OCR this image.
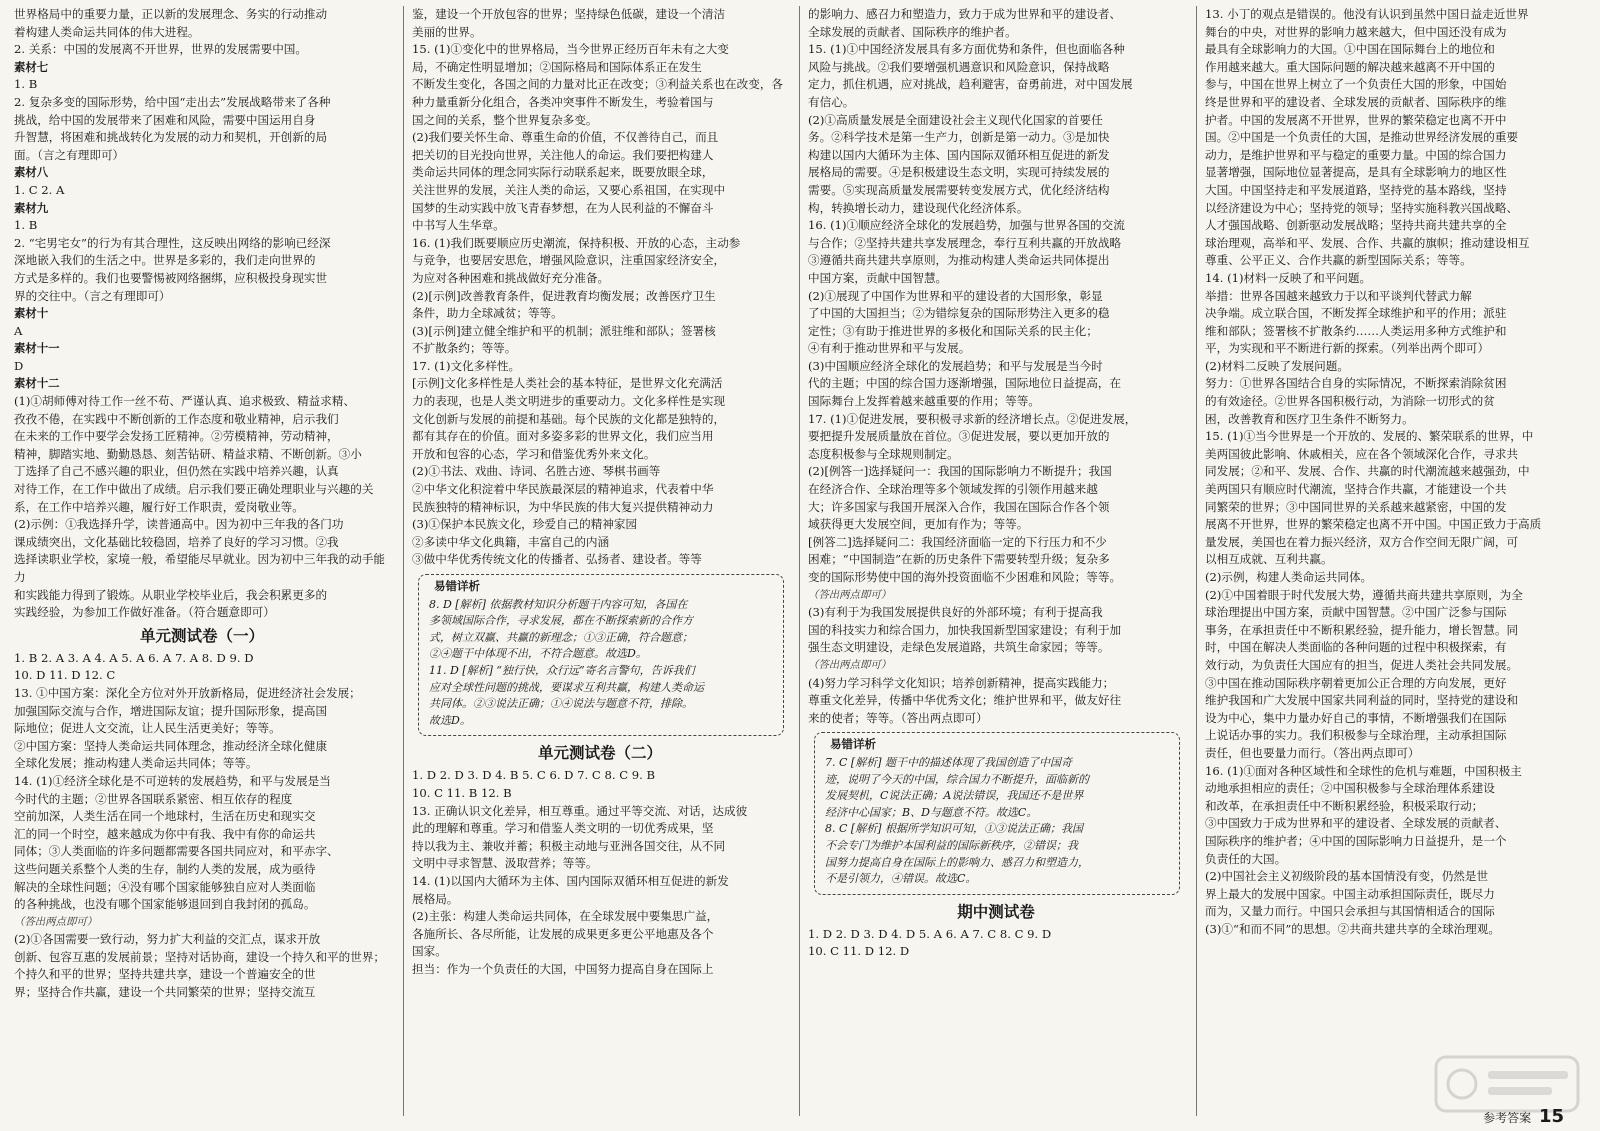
世界格局中的重要力量，正以新的发展理念、务实的行动推动
着构建人类命运共同体的伟大进程。
2. 关系：中国的发展离不开世界，世界的发展需要中国。
素材七
1. B
2. 复杂多变的国际形势，给中国“走出去”发展战略带来了各种
挑战，给中国的发展带来了困难和风险，需要中国运用自身
升智慧，将困难和挑战转化为发展的动力和契机，开创新的局
面。（言之有理即可）
素材八
1. C 2. A
素材九
1. B
2. “宅男宅女”的行为有其合理性，这反映出网络的影响已经深
深地嵌入我们的生活之中。世界是多彩的，我们走向世界的
方式是多样的。我们也要警惕被网络捆绑，应积极投身现实世
界的交往中。（言之有理即可）
素材十
A
素材十一
D
素材十二
(1)①胡师傅对待工作一丝不苟、严谨认真、追求极致、精益求精、
孜孜不倦，在实践中不断创新的工作态度和敬业精神，启示我们
在未来的工作中要学会发扬工匠精神。②劳模精神，劳动精神，
精神，脚踏实地、勤勤恳恳、刻苦钻研、精益求精、不断创新。③小
丁选择了自己不感兴趣的职业，但仍然在实践中培养兴趣，认真
对待工作，在工作中做出了成绩。启示我们要正确处理职业与兴趣的关
系，在工作中培养兴趣，履行好工作职责，爱岗敬业等。
(2)示例：①我选择升学，读普通高中。因为初中三年我的各门功
课成绩突出，文化基础比较稳固，培养了良好的学习习惯。②我
选择读职业学校，家境一般，希望能尽早就业。因为初中三年我的动手能力
和实践能力得到了锻炼。从职业学校毕业后，我会积累更多的
实践经验，为参加工作做好准备。（符合题意即可）
单元测试卷（一）
1. B 2. A 3. A 4. A 5. A 6. A 7. A 8. D 9. D
10. D 11. D 12. C
13. ①中国方案：深化全方位对外开放新格局，促进经济社会发展；
加强国际交流与合作，增进国际友谊；提升国际形象，提高国
际地位；促进人文交流，让人民生活更美好；等等。
②中国方案：坚持人类命运共同体理念，推动经济全球化健康
全球化发展；推动构建人类命运共同体；等等。
14. (1)①经济全球化是不可逆转的发展趋势，和平与发展是当
今时代的主题；②世界各国联系紧密、相互依存的程度
空前加深，人类生活在同一个地球村，生活在历史和现实交
汇的同一个时空，越来越成为你中有我、我中有你的命运共
同体；③人类面临的许多问题都需要各国共同应对，和平赤字、
这些问题关系整个人类的生存，制约人类的发展，成为亟待
解决的全球性问题；④没有哪个国家能够独自应对人类面临
的各种挑战，也没有哪个国家能够退回到自我封闭的孤岛。
（答出两点即可）
(2)①各国需要一致行动，努力扩大利益的交汇点，谋求开放
创新、包容互惠的发展前景；坚持对话协商，建设一个持久和平的世界；
个持久和平的世界；坚持共建共享，建设一个普遍安全的世
界；坚持合作共赢，建设一个共同繁荣的世界；坚持交流互
鉴，建设一个开放包容的世界；坚持绿色低碳，建设一个清洁
美丽的世界。
15. (1)①变化中的世界格局，当今世界正经历百年未有之大变
局，不确定性明显增加；②国际格局和国际体系正在发生
不断发生变化，各国之间的力量对比正在改变；③利益关系也在改变，各
种力量重新分化组合，各类冲突事件不断发生，考验着国与
国之间的关系，整个世界复杂多变。
(2)我们要关怀生命、尊重生命的价值，不仅善待自己，而且
把关切的目光投向世界，关注他人的命运。我们要把构建人
类命运共同体的理念同实际行动联系起来，既要放眼全球，
关注世界的发展，关注人类的命运，又要心系祖国，在实现中
国梦的生动实践中放飞青春梦想，在为人民利益的不懈奋斗
中书写人生华章。
16. (1)我们既要顺应历史潮流，保持积极、开放的心态，主动参
与竞争，也要居安思危，增强风险意识，注重国家经济安全，
为应对各种困难和挑战做好充分准备。
(2)[示例]改善教育条件，促进教育均衡发展；改善医疗卫生
条件，助力全球减贫；等等。
(3)[示例]建立健全维护和平的机制；派驻维和部队；签署核
不扩散条约；等等。
17. (1)文化多样性。
[示例]文化多样性是人类社会的基本特征，是世界文化充满活
力的表现，也是人类文明进步的重要动力。文化多样性是实现
文化创新与发展的前提和基础。每个民族的文化都是独特的，
都有其存在的价值。面对多姿多彩的世界文化，我们应当用
开放和包容的心态，学习和借鉴优秀外来文化。
(2)①书法、戏曲、诗词、名胜古迹、琴棋书画等
②中华文化积淀着中华民族最深层的精神追求，代表着中华
民族独特的精神标识，为中华民族的伟大复兴提供精神动力
(3)①保护本民族文化，珍爱自己的精神家园
②多读中华文化典籍，丰富自己的内涵
③做中华优秀传统文化的传播者、弘扬者、建设者。等等
易错详析
8. D [解析] 依据教材知识分析题干内容可知，各国在
多领域国际合作，寻求发展，都在不断探索新的合作方
式，树立双赢、共赢的新理念；①③正确，符合题意；
②④题干中体现不出，不符合题意。故选D。
11. D [解析] “独行快，众行远”寄名言警句，告诉我们
应对全球性问题的挑战，要谋求互利共赢，构建人类命运
共同体。②③说法正确；①④说法与题意不符，排除。
故选D。
单元测试卷（二）
1. D 2. D 3. D 4. B 5. C 6. D 7. C 8. C 9. B
10. C 11. B 12. B
13. 正确认识文化差异，相互尊重。通过平等交流、对话，达成彼
此的理解和尊重。学习和借鉴人类文明的一切优秀成果，坚
持以我为主、兼收并蓄；积极主动地与亚洲各国交往，从不同
文明中寻求智慧、汲取营养；等等。
14. (1)以国内大循环为主体、国内国际双循环相互促进的新发
展格局。
(2)主张：构建人类命运共同体，在全球发展中要集思广益，
各施所长、各尽所能，让发展的成果更多更公平地惠及各个
国家。
担当：作为一个负责任的大国，中国努力提高自身在国际上
的影响力、感召力和塑造力，致力于成为世界和平的建设者、
全球发展的贡献者、国际秩序的维护者。
15. (1)①中国经济发展具有多方面优势和条件，但也面临各种
风险与挑战。②我们要增强机遇意识和风险意识，保持战略
定力，抓住机遇，应对挑战，趋利避害，奋勇前进，对中国发展
有信心。
(2)①高质量发展是全面建设社会主义现代化国家的首要任
务。②科学技术是第一生产力，创新是第一动力。③是加快
构建以国内大循环为主体、国内国际双循环相互促进的新发
展格局的需要。④是积极建设生态文明，实现可持续发展的
需要。⑤实现高质量发展需要转变发展方式，优化经济结构
构，转换增长动力，建设现代化经济体系。
16. (1)①顺应经济全球化的发展趋势，加强与世界各国的交流
与合作；②坚持共建共享发展理念，奉行互利共赢的开放战略
③遵循共商共建共享原则，为推动构建人类命运共同体提出
中国方案，贡献中国智慧。
(2)①展现了中国作为世界和平的建设者的大国形象，彰显
了中国的大国担当；②为错综复杂的国际形势注入更多的稳
定性；③有助于推进世界的多极化和国际关系的民主化；
④有利于推动世界和平与发展。
(3)中国顺应经济全球化的发展趋势；和平与发展是当今时
代的主题；中国的综合国力逐渐增强，国际地位日益提高，在
国际舞台上发挥着越来越重要的作用；等等。
17. (1)①促进发展，要积极寻求新的经济增长点。②促进发展，
要把提升发展质量放在首位。③促进发展，要以更加开放的
态度积极参与全球规则制定。
(2)[例答一]选择疑问一：我国的国际影响力不断提升；我国
在经济合作、全球治理等多个领域发挥的引领作用越来越
大；许多国家与我国开展深入合作，我国在国际合作各个领
域获得更大发展空间，更加有作为；等等。
[例答二]选择疑问二：我国经济面临一定的下行压力和不少
困难；“中国制造”在新的历史条件下需要转型升级；复杂多
变的国际形势使中国的海外投资面临不少困难和风险；等等。
（答出两点即可）
(3)有利于为我国发展提供良好的外部环境；有利于提高我
国的科技实力和综合国力，加快我国新型国家建设；有利于加
强生态文明建设，走绿色发展道路，共筑生命家园；等等。
（答出两点即可）
(4)努力学习科学文化知识；培养创新精神，提高实践能力；
尊重文化差异，传播中华优秀文化；维护世界和平，做友好往
来的使者；等等。（答出两点即可）
易错详析
7. C [解析] 题干中的描述体现了我国创造了中国奇
迹，说明了今天的中国，综合国力不断提升，面临新的
发展契机，C说法正确；A说法错误，我国还不是世界
经济中心国家；B、D与题意不符。故选C。
8. C [解析] 根据所学知识可知，①③说法正确；我国
不会专门为维护本国利益的国际新秩序，②错误；我
国努力提高自身在国际上的影响力、感召力和塑造力，
不是引领力，④错误。故选C。
期中测试卷
1. D 2. D 3. D 4. D 5. A 6. A 7. C 8. C 9. D
10. C 11. D 12. D
13. 小丁的观点是错误的。他没有认识到虽然中国日益走近世界
舞台的中央，对世界的影响力越来越大，但中国还没有成为
最具有全球影响力的大国。①中国在国际舞台上的地位和
作用越来越大。重大国际问题的解决越来越离不开中国的
参与，中国在世界上树立了一个负责任大国的形象，中国始
终是世界和平的建设者、全球发展的贡献者、国际秩序的维
护者。中国的发展离不开世界，世界的繁荣稳定也离不开中
国。②中国是一个负责任的大国，是推动世界经济发展的重要
动力，是维护世界和平与稳定的重要力量。中国的综合国力
显著增强，国际地位显著提高，是具有全球影响力的地区性
大国。中国坚持走和平发展道路，坚持党的基本路线，坚持
以经济建设为中心；坚持党的领导；坚持实施科教兴国战略、
人才强国战略、创新驱动发展战略；坚持共商共建共享的全
球治理观，高举和平、发展、合作、共赢的旗帜；推动建设相互
尊重、公平正义、合作共赢的新型国际关系；等等。
14. (1)材料一反映了和平问题。
举措：世界各国越来越致力于以和平谈判代替武力解
决争端。成立联合国，不断发挥全球维护和平的作用；派驻
维和部队；签署核不扩散条约……人类运用多种方式维护和
平，为实现和平不断进行新的探索。（列举出两个即可）
(2)材料二反映了发展问题。
努力：①世界各国结合自身的实际情况，不断探索消除贫困
的有效途径。②世界各国积极行动，为消除一切形式的贫
困，改善教育和医疗卫生条件不断努力。
15. (1)①当今世界是一个开放的、发展的、繁荣联系的世界，中
美两国彼此影响、休戚相关，应在各个领域深化合作，寻求共
同发展；②和平、发展、合作、共赢的时代潮流越来越强劲，中
美两国只有顺应时代潮流，坚持合作共赢，才能建设一个共
同繁荣的世界；③中国同世界的关系越来越紧密，中国的发
展离不开世界，世界的繁荣稳定也离不开中国。中国正致力于高质
量发展，美国也在着力振兴经济，双方合作空间无限广阔，可
以相互成就、互利共赢。
(2)示例，构建人类命运共同体。
(2)①中国着眼于时代发展大势，遵循共商共建共享原则，为全
球治理提出中国方案，贡献中国智慧。②中国广泛参与国际
事务，在承担责任中不断积累经验，提升能力，增长智慧。同
时，中国在解决人类面临的各种问题的过程中积极探索，有
效行动，为负责任大国应有的担当，促进人类社会共同发展。
③中国在推动国际秩序朝着更加公正合理的方向发展，更好
维护我国和广大发展中国家共同利益的同时，坚持党的建设和
设为中心，集中力量办好自己的事情，不断增强我们在国际
上说话办事的实力。我们积极参与全球治理，主动承担国际
责任，但也要量力而行。（答出两点即可）
16. (1)①面对各种区域性和全球性的危机与难题，中国积极主
动地承担相应的责任；②中国积极参与全球治理体系建设
和改革，在承担责任中不断积累经验，积极采取行动；
③中国致力于成为世界和平的建设者、全球发展的贡献者、
国际秩序的维护者；④中国的国际影响力日益提升，是一个
负责任的大国。
(2)中国社会主义初级阶段的基本国情没有变，仍然是世
界上最大的发展中国家。中国主动承担国际责任，既尽力
而为，又量力而行。中国只会承担与其国情相适合的国际
(3)①“和而不同”的思想。②共商共建共享的全球治理观。
参考答案 15
